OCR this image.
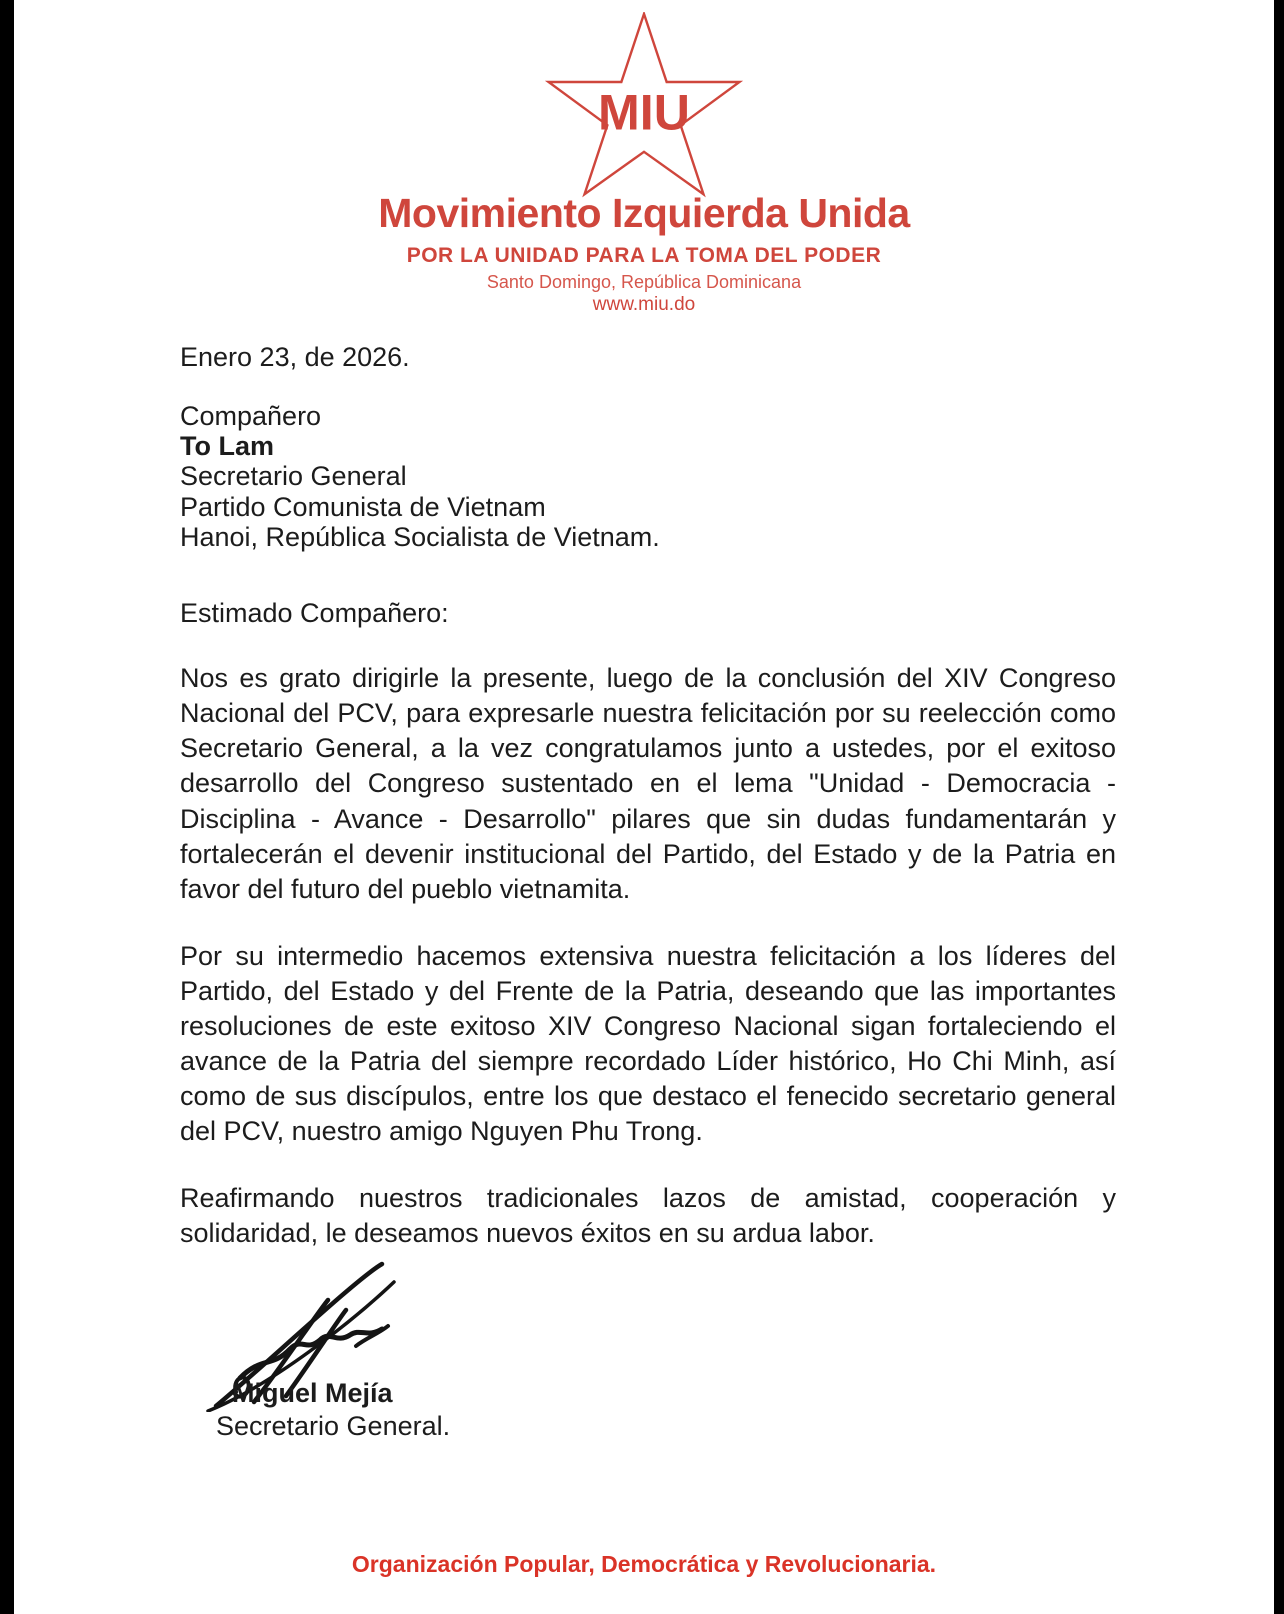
MIU
Movimiento Izquierda Unida
POR LA UNIDAD PARA LA TOMA DEL PODER
Santo Domingo, República Dominicana
www.miu.do
Enero 23, de 2026.
Compañero
To Lam
Secretario General
Partido Comunista de Vietnam
Hanoi, República Socialista de Vietnam.
Estimado Compañero:

Nos es grato dirigirle la presente, luego de la conclusión del XIV Congreso Nacional del PCV, para expresarle nuestra felicitación por su reelección como Secretario General, a la vez congratulamos junto a ustedes, por el exitoso desarrollo del Congreso sustentado en el lema "Unidad - Democracia - Disciplina - Avance - Desarrollo" pilares que sin dudas fundamentarán y fortalecerán el devenir institucional del Partido, del Estado y de la Patria en favor del futuro del pueblo vietnamita.

Por su intermedio hacemos extensiva nuestra felicitación a los líderes del Partido, del Estado y del Frente de la Patria, deseando que las importantes resoluciones de este exitoso XIV Congreso Nacional sigan fortaleciendo el avance de la Patria del siempre recordado Líder histórico, Ho Chi Minh, así como de sus discípulos, entre los que destaco el fenecido secretario general del PCV, nuestro amigo Nguyen Phu Trong.

Reafirmando nuestros tradicionales lazos de amistad, cooperación y solidaridad, le deseamos nuevos éxitos en su ardua labor.

Miguel Mejía
Secretario General.
Organización Popular, Democrática y Revolucionaria.
